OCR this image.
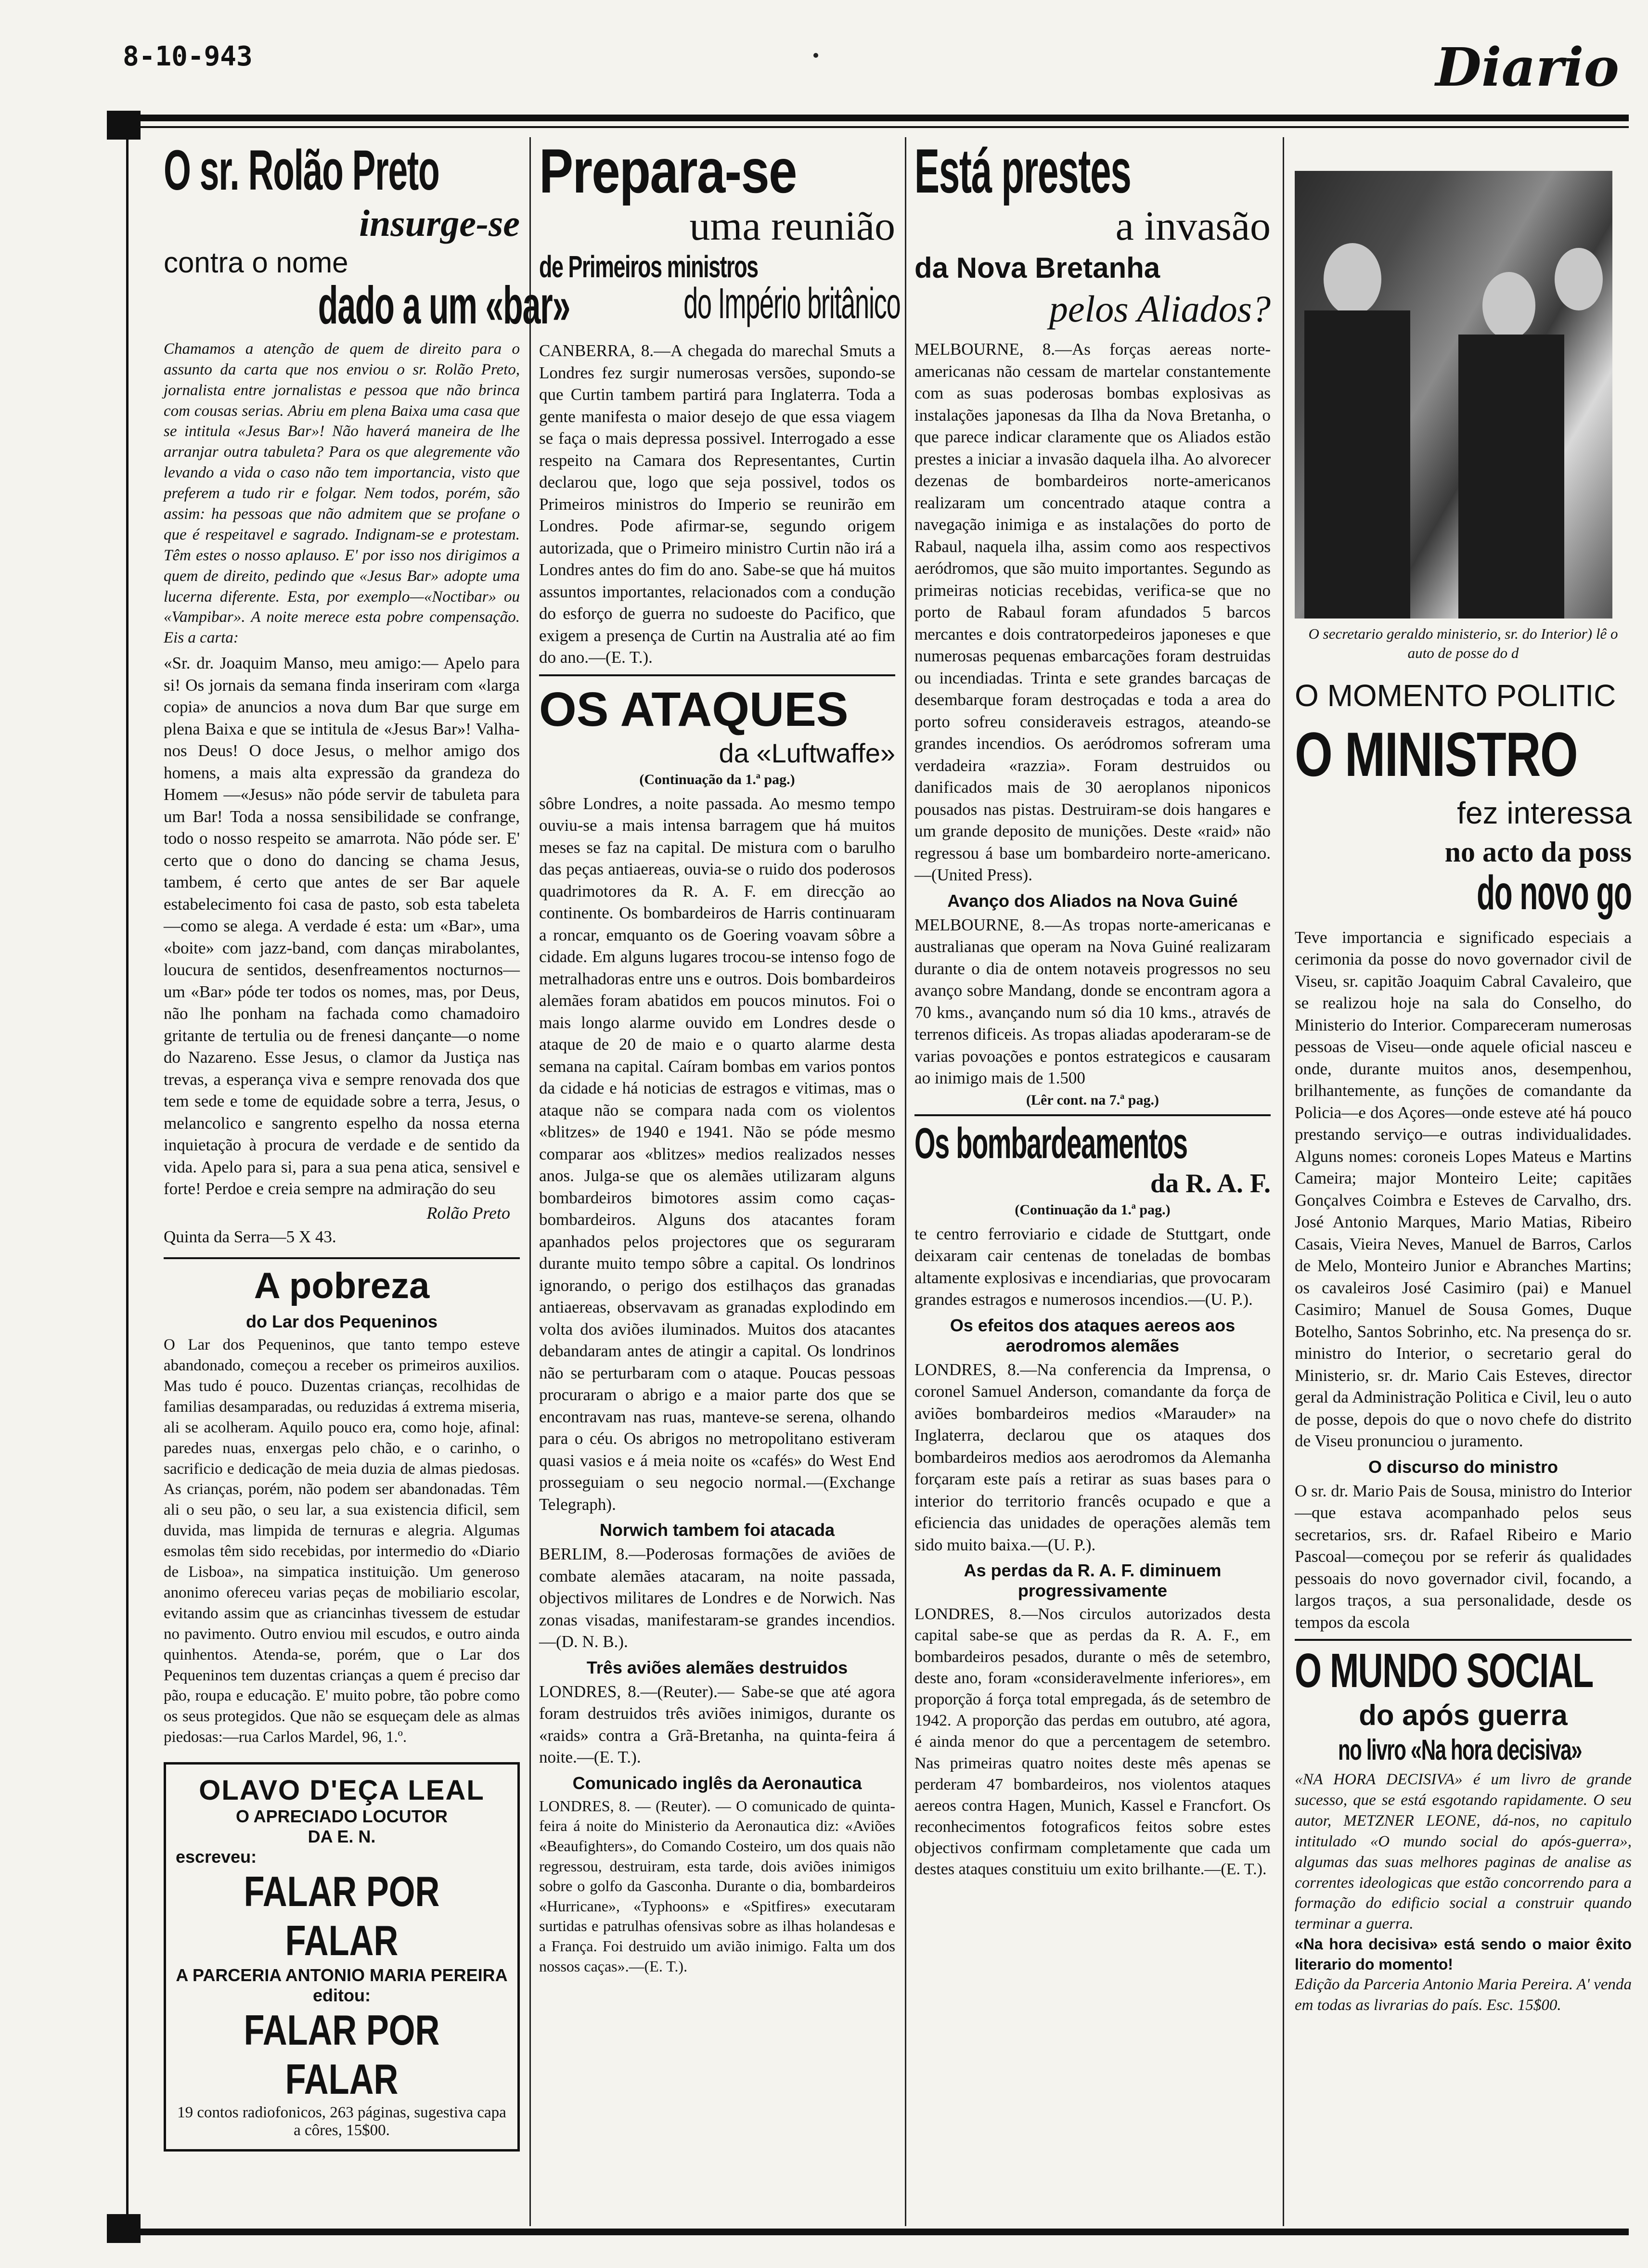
8-10-943	Diario
O sr. Rolão Preto
insurge-se
contra o nome
dado a um «bar»
Chamamos a atenção de quem de direito para o assunto da carta que nos enviou o sr. Rolão Preto, jornalista entre jornalistas e pessoa que não brinca com cousas serias. Abriu em plena Baixa uma casa que se intitula «Jesus Bar»! Não haverá maneira de lhe arranjar outra tabuleta? Para os que alegremente vão levando a vida o caso não tem importancia, visto que preferem a tudo rir e folgar. Nem todos, porém, são assim: ha pessoas que não admitem que se profane o que é respeitavel e sagrado. Indignam-se e protestam. Têm estes o nosso aplauso. E' por isso nos dirigimos a quem de direito, pedindo que «Jesus Bar» adopte uma lucerna diferente. Esta, por exemplo—«Noctibar» ou «Vampibar». A noite merece esta pobre compensação. Eis a carta:
«Sr. dr. Joaquim Manso, meu amigo:— Apelo para si! Os jornais da semana finda inseriram com «larga copia» de anuncios a nova dum Bar que surge em plena Baixa e que se intitula de «Jesus Bar»! Valha-nos Deus! O doce Jesus, o melhor amigo dos homens, a mais alta expressão da grandeza do Homem —«Jesus» não póde servir de tabuleta para um Bar! Toda a nossa sensibilidade se confrange, todo o nosso respeito se amarrota. Não póde ser. E' certo que o dono do dancing se chama Jesus, tambem, é certo que antes de ser Bar aquele estabelecimento foi casa de pasto, sob esta tabeleta—como se alega. A verdade é esta: um «Bar», uma «boite» com jazz-band, com danças mirabolantes, loucura de sentidos, desenfreamentos nocturnos—um «Bar» póde ter todos os nomes, mas, por Deus, não lhe ponham na fachada como chamadoiro gritante de tertulia ou de frenesi dançante—o nome do Nazareno. Esse Jesus, o clamor da Justiça nas trevas, a esperança viva e sempre renovada dos que tem sede e tome de equidade sobre a terra, Jesus, o melancolico e sangrento espelho da nossa eterna inquietação à procura de verdade e de sentido da vida. Apelo para si, para a sua pena atica, sensivel e forte! Perdoe e creia sempre na admiração do seu
Rolão Preto
Quinta da Serra—5 X 43.
A pobreza
do Lar dos Pequeninos
O Lar dos Pequeninos, que tanto tempo esteve abandonado, começou a receber os primeiros auxilios. Mas tudo é pouco. Duzentas crianças, recolhidas de familias desamparadas, ou reduzidas á extrema miseria, ali se acolheram. Aquilo pouco era, como hoje, afinal: paredes nuas, enxergas pelo chão, e o carinho, o sacrificio e dedicação de meia duzia de almas piedosas. As crianças, porém, não podem ser abandonadas. Têm ali o seu pão, o seu lar, a sua existencia dificil, sem duvida, mas limpida de ternuras e alegria. Algumas esmolas têm sido recebidas, por intermedio do «Diario de Lisboa», na simpatica instituição. Um generoso anonimo ofereceu varias peças de mobiliario escolar, evitando assim que as criancinhas tivessem de estudar no pavimento. Outro enviou mil escudos, e outro ainda quinhentos. Atenda-se, porém, que o Lar dos Pequeninos tem duzentas crianças a quem é preciso dar pão, roupa e educação. E' muito pobre, tão pobre como os seus protegidos. Que não se esqueçam dele as almas piedosas:—rua Carlos Mardel, 96, 1.º.
OLAVO D'EÇA LEAL
O APRECIADO LOCUTOR
DA E. N.
escreveu:
FALAR POR FALAR
A PARCERIA ANTONIO MARIA PEREIRA editou:
FALAR POR FALAR
19 contos radiofonicos, 263 páginas, sugestiva capa a côres, 15$00.
Prepara-se
uma reunião
de Primeiros ministros
do Império britânico
CANBERRA, 8.—A chegada do marechal Smuts a Londres fez surgir numerosas versões, supondo-se que Curtin tambem partirá para Inglaterra. Toda a gente manifesta o maior desejo de que essa viagem se faça o mais depressa possivel. Interrogado a esse respeito na Camara dos Representantes, Curtin declarou que, logo que seja possivel, todos os Primeiros ministros do Imperio se reunirão em Londres. Pode afirmar-se, segundo origem autorizada, que o Primeiro ministro Curtin não irá a Londres antes do fim do ano. Sabe-se que há muitos assuntos importantes, relacionados com a condução do esforço de guerra no sudoeste do Pacifico, que exigem a presença de Curtin na Australia até ao fim do ano.—(E. T.).
OS ATAQUES
da «Luftwaffe»
(Continuação da 1.ª pag.)
sôbre Londres, a noite passada. Ao mesmo tempo ouviu-se a mais intensa barragem que há muitos meses se faz na capital. De mistura com o barulho das peças antiaereas, ouvia-se o ruido dos poderosos quadrimotores da R. A. F. em direcção ao continente. Os bombardeiros de Harris continuaram a roncar, emquanto os de Goering voavam sôbre a cidade. Em alguns lugares trocou-se intenso fogo de metralhadoras entre uns e outros. Dois bombardeiros alemães foram abatidos em poucos minutos. Foi o mais longo alarme ouvido em Londres desde o ataque de 20 de maio e o quarto alarme desta semana na capital. Caíram bombas em varios pontos da cidade e há noticias de estragos e vitimas, mas o ataque não se compara nada com os violentos «blitzes» de 1940 e 1941. Não se póde mesmo comparar aos «blitzes» medios realizados nesses anos. Julga-se que os alemães utilizaram alguns bombardeiros bimotores assim como caças-bombardeiros. Alguns dos atacantes foram apanhados pelos projectores que os seguraram durante muito tempo sôbre a capital. Os londrinos ignorando, o perigo dos estilhaços das granadas antiaereas, observavam as granadas explodindo em volta dos aviões iluminados. Muitos dos atacantes debandaram antes de atingir a capital. Os londrinos não se perturbaram com o ataque. Poucas pessoas procuraram o abrigo e a maior parte dos que se encontravam nas ruas, manteve-se serena, olhando para o céu. Os abrigos no metropolitano estiveram quasi vasios e á meia noite os «cafés» do West End prosseguiam o seu negocio normal.—(Exchange Telegraph).
Norwich tambem foi atacada
BERLIM, 8.—Poderosas formações de aviões de combate alemães atacaram, na noite passada, objectivos militares de Londres e de Norwich. Nas zonas visadas, manifestaram-se grandes incendios.—(D. N. B.).
Três aviões alemães destruidos
LONDRES, 8.—(Reuter).— Sabe-se que até agora foram destruidos três aviões inimigos, durante os «raids» contra a Grã-Bretanha, na quinta-feira á noite.—(E. T.).
Comunicado inglês da Aeronautica
LONDRES, 8. — (Reuter). — O comunicado de quinta-feira á noite do Ministerio da Aeronautica diz: «Aviões «Beaufighters», do Comando Costeiro, um dos quais não regressou, destruiram, esta tarde, dois aviões inimigos sobre o golfo da Gasconha. Durante o dia, bombardeiros «Hurricane», «Typhoons» e «Spitfires» executaram surtidas e patrulhas ofensivas sobre as ilhas holandesas e a França. Foi destruido um avião inimigo. Falta um dos nossos caças».—(E. T.).
Está prestes
a invasão
da Nova Bretanha
pelos Aliados?
MELBOURNE, 8.—As forças aereas norte-americanas não cessam de martelar constantemente com as suas poderosas bombas explosivas as instalações japonesas da Ilha da Nova Bretanha, o que parece indicar claramente que os Aliados estão prestes a iniciar a invasão daquela ilha. Ao alvorecer dezenas de bombardeiros norte-americanos realizaram um concentrado ataque contra a navegação inimiga e as instalações do porto de Rabaul, naquela ilha, assim como aos respectivos aeródromos, que são muito importantes. Segundo as primeiras noticias recebidas, verifica-se que no porto de Rabaul foram afundados 5 barcos mercantes e dois contratorpedeiros japoneses e que numerosas pequenas embarcações foram destruidas ou incendiadas. Trinta e sete grandes barcaças de desembarque foram destroçadas e toda a area do porto sofreu consideraveis estragos, ateando-se grandes incendios. Os aeródromos sofreram uma verdadeira «razzia». Foram destruidos ou danificados mais de 30 aeroplanos niponicos pousados nas pistas. Destruiram-se dois hangares e um grande deposito de munições. Deste «raid» não regressou á base um bombardeiro norte-americano.—(United Press).
Avanço dos Aliados na Nova Guiné
MELBOURNE, 8.—As tropas norte-americanas e australianas que operam na Nova Guiné realizaram durante o dia de ontem notaveis progressos no seu avanço sobre Mandang, donde se encontram agora a 70 kms., avançando num só dia 10 kms., através de terrenos dificeis. As tropas aliadas apoderaram-se de varias povoações e pontos estrategicos e causaram ao inimigo mais de 1.500
(Lêr cont. na 7.ª pag.)
Os bombardeamentos
da R. A. F.
(Continuação da 1.ª pag.)
te centro ferroviario e cidade de Stuttgart, onde deixaram cair centenas de toneladas de bombas altamente explosivas e incendiarias, que provocaram grandes estragos e numerosos incendios.—(U. P.).
Os efeitos dos ataques aereos aos aerodromos alemães
LONDRES, 8.—Na conferencia da Imprensa, o coronel Samuel Anderson, comandante da força de aviões bombardeiros medios «Marauder» na Inglaterra, declarou que os ataques dos bombardeiros medios aos aerodromos da Alemanha forçaram este país a retirar as suas bases para o interior do territorio francês ocupado e que a eficiencia das unidades de operações alemãs tem sido muito baixa.—(U. P.).
As perdas da R. A. F. diminuem progressivamente
LONDRES, 8.—Nos circulos autorizados desta capital sabe-se que as perdas da R. A. F., em bombardeiros pesados, durante o mês de setembro, deste ano, foram «consideravelmente inferiores», em proporção á força total empregada, ás de setembro de 1942. A proporção das perdas em outubro, até agora, é ainda menor do que a percentagem de setembro. Nas primeiras quatro noites deste mês apenas se perderam 47 bombardeiros, nos violentos ataques aereos contra Hagen, Munich, Kassel e Francfort. Os reconhecimentos fotograficos feitos sobre estes objectivos confirmam completamente que cada um destes ataques constituiu um exito brilhante.—(E. T.).
O secretario geraldo ministerio, sr. do Interior) lê o auto de posse do d
O MOMENTO POLITIC
O MINISTRO
fez interessa
no acto da poss
do novo go
Teve importancia e significado especiais a cerimonia da posse do novo governador civil de Viseu, sr. capitão Joaquim Cabral Cavaleiro, que se realizou hoje na sala do Conselho, do Ministerio do Interior. Compareceram numerosas pessoas de Viseu—onde aquele oficial nasceu e onde, durante muitos anos, desempenhou, brilhantemente, as funções de comandante da Policia—e dos Açores—onde esteve até há pouco prestando serviço—e outras individualidades. Alguns nomes: coroneis Lopes Mateus e Martins Cameira; major Monteiro Leite; capitães Gonçalves Coimbra e Esteves de Carvalho, drs. José Antonio Marques, Mario Matias, Ribeiro Casais, Vieira Neves, Manuel de Barros, Carlos de Melo, Monteiro Junior e Abranches Martins; os cavaleiros José Casimiro (pai) e Manuel Casimiro; Manuel de Sousa Gomes, Duque Botelho, Santos Sobrinho, etc. Na presença do sr. ministro do Interior, o secretario geral do Ministerio, sr. dr. Mario Cais Esteves, director geral da Administração Politica e Civil, leu o auto de posse, depois do que o novo chefe do distrito de Viseu pronunciou o juramento.
O discurso do ministro
O sr. dr. Mario Pais de Sousa, ministro do Interior—que estava acompanhado pelos seus secretarios, srs. dr. Rafael Ribeiro e Mario Pascoal—começou por se referir ás qualidades pessoais do novo governador civil, focando, a largos traços, a sua personalidade, desde os tempos da escola
O MUNDO SOCIAL
do após guerra
no livro «Na hora decisiva»
«NA HORA DECISIVA» é um livro de grande sucesso, que se está esgotando rapidamente. O seu autor, METZNER LEONE, dá-nos, no capitulo intitulado «O mundo social do após-guerra», algumas das suas melhores paginas de analise as correntes ideologicas que estão concorrendo para a formação do edificio social a construir quando terminar a guerra.
«Na hora decisiva» está sendo o maior êxito literario do momento!
Edição da Parceria Antonio Maria Pereira. A' venda em todas as livrarias do país. Esc. 15$00.
